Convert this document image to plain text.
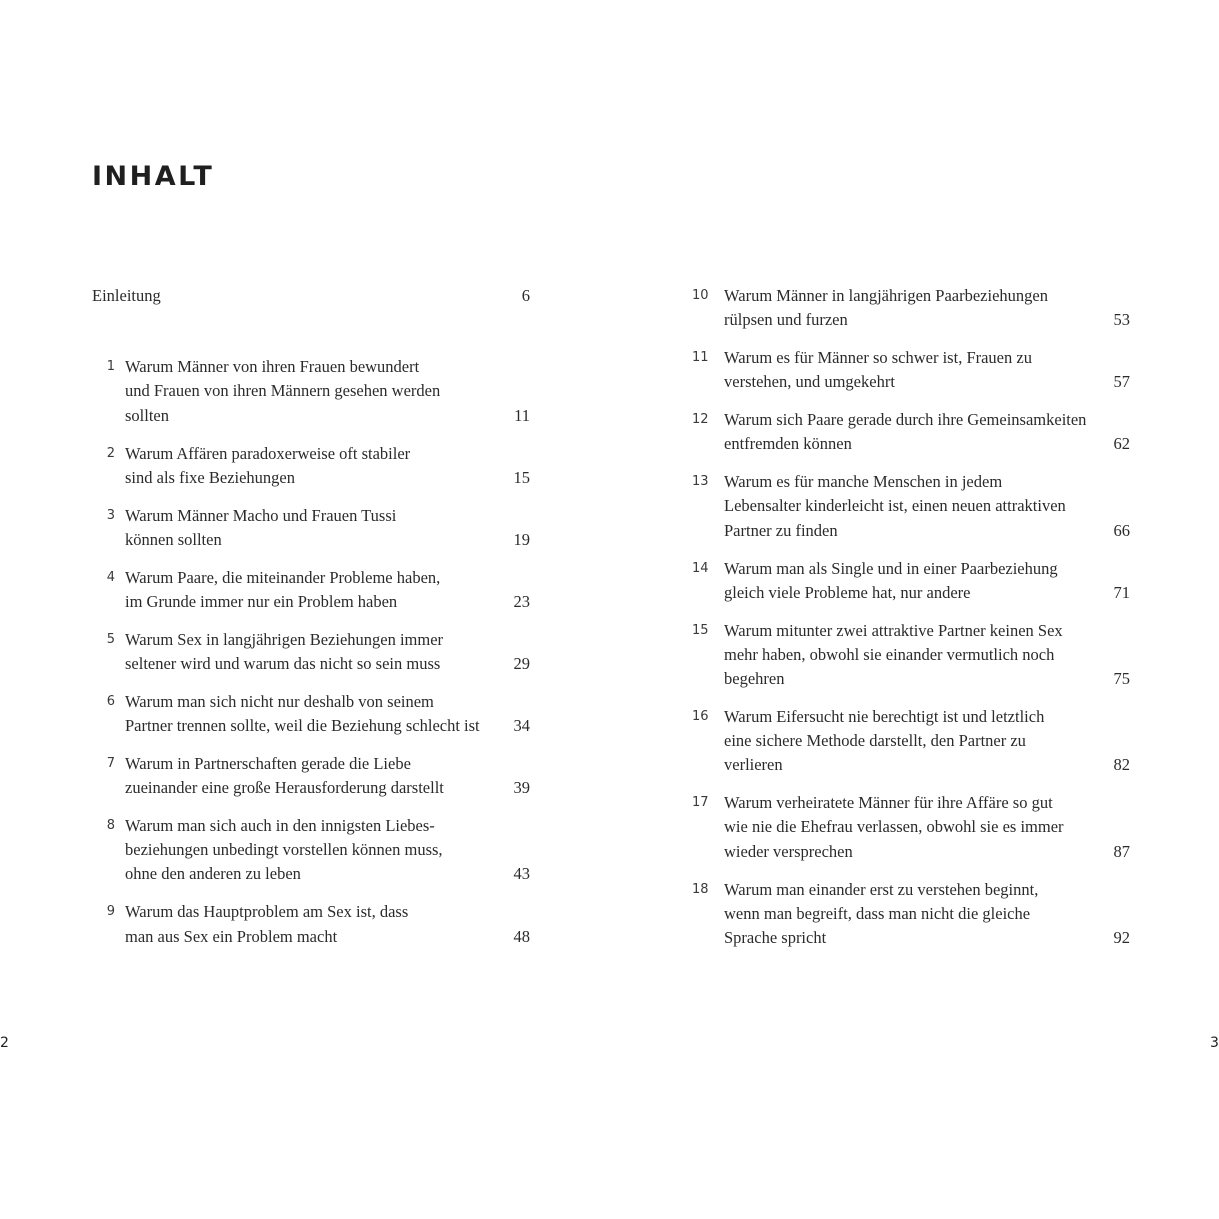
INHALT
Einleitung	6
1 Warum Männer von ihren Frauen bewundert
und Frauen von ihren Männern gesehen werden
sollten	11
2 Warum Affären paradoxerweise oft stabiler
sind als fixe Beziehungen	15
3 Warum Männer Macho und Frauen Tussi
können sollten	19
4 Warum Paare, die miteinander Probleme haben,
im Grunde immer nur ein Problem haben	23
5 Warum Sex in langjährigen Beziehungen immer
seltener wird und warum das nicht so sein muss	29
6 Warum man sich nicht nur deshalb von seinem
Partner trennen sollte, weil die Beziehung schlecht ist	34
7 Warum in Partnerschaften gerade die Liebe
zueinander eine große Herausforderung darstellt	39
8 Warum man sich auch in den innigsten Liebes-
beziehungen unbedingt vorstellen können muss,
ohne den anderen zu leben	43
9 Warum das Hauptproblem am Sex ist, dass
man aus Sex ein Problem macht	48
10 Warum Männer in langjährigen Paarbeziehungen
rülpsen und furzen	53
11 Warum es für Männer so schwer ist, Frauen zu
verstehen, und umgekehrt	57
12 Warum sich Paare gerade durch ihre Gemeinsamkeiten
entfremden können	62
13 Warum es für manche Menschen in jedem
Lebensalter kinderleicht ist, einen neuen attraktiven
Partner zu finden	66
14 Warum man als Single und in einer Paarbeziehung
gleich viele Probleme hat, nur andere	71
15 Warum mitunter zwei attraktive Partner keinen Sex
mehr haben, obwohl sie einander vermutlich noch
begehren	75
16 Warum Eifersucht nie berechtigt ist und letztlich
eine sichere Methode darstellt, den Partner zu
verlieren	82
17 Warum verheiratete Männer für ihre Affäre so gut
wie nie die Ehefrau verlassen, obwohl sie es immer
wieder versprechen	87
18 Warum man einander erst zu verstehen beginnt,
wenn man begreift, dass man nicht die gleiche
Sprache spricht	92
2	3
